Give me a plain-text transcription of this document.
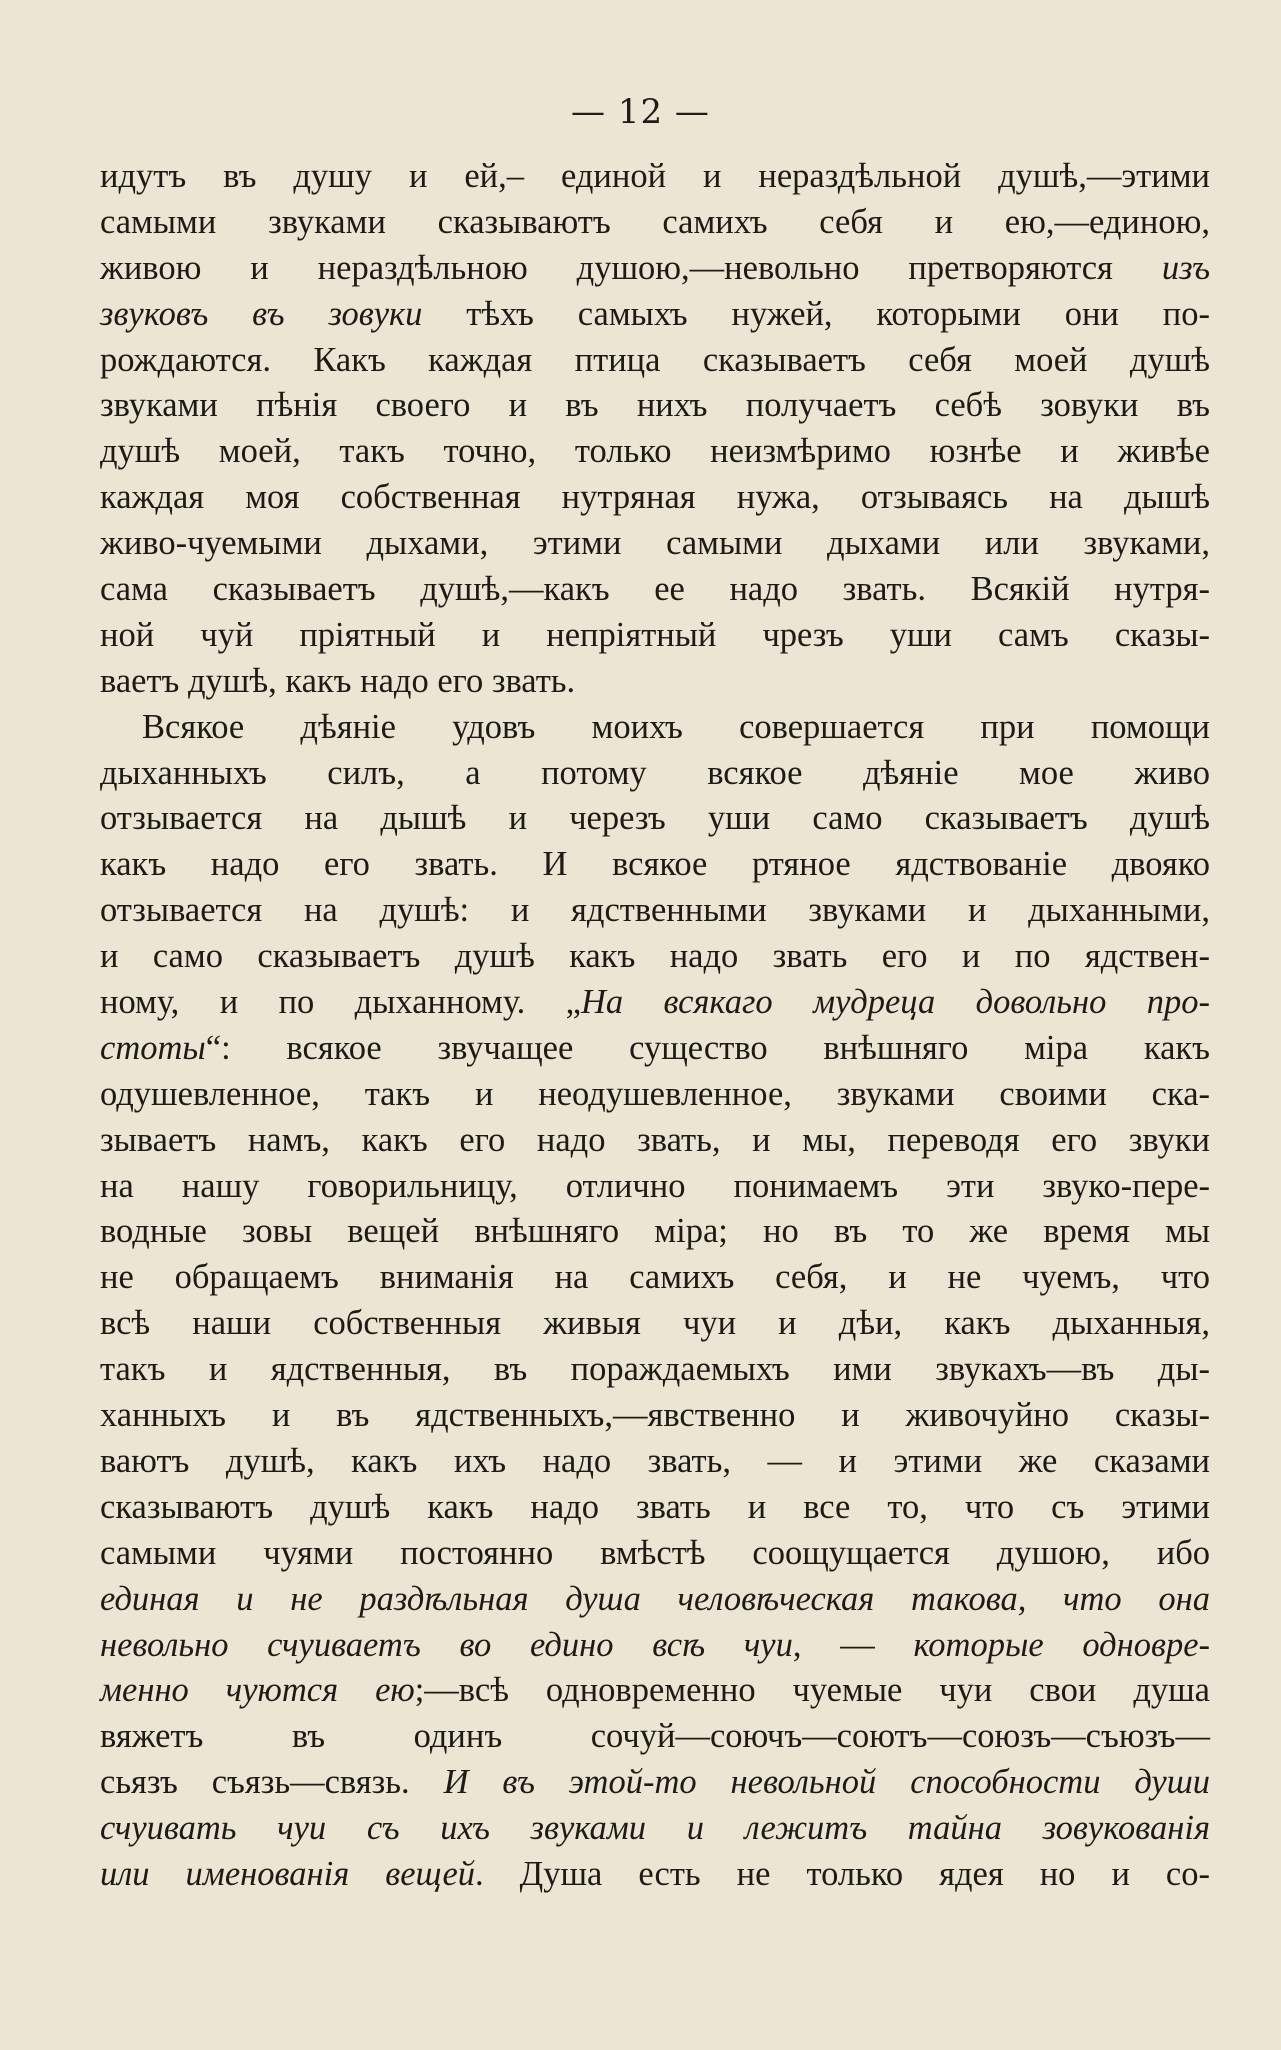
— 12 —
идутъ въ душу и ей,– единой и нераздѣльной душѣ,—этими
самыми звуками сказываютъ самихъ себя и ею,—единою,
живою и нераздѣльною душою,—невольно претворяются изъ
звуковъ въ зовуки тѣхъ самыхъ нужей, которыми они по-
рождаются. Какъ каждая птица сказываетъ себя моей душѣ
звуками пѣнія своего и въ нихъ получаетъ себѣ зовуки въ
душѣ моей, такъ точно, только неизмѣримо юзнѣе и живѣе
каждая моя собственная нутряная нужа, отзываясь на дышѣ
живо-чуемыми дыхами, этими самыми дыхами или звуками,
сама сказываетъ душѣ,—какъ ее надо звать. Всякій нутря-
ной чуй пріятный и непріятный чрезъ уши самъ сказы-
ваетъ душѣ, какъ надо его звать.
Всякое дѣяніе удовъ моихъ совершается при помощи
дыханныхъ силъ, а потому всякое дѣяніе мое живо
отзывается на дышѣ и черезъ уши само сказываетъ душѣ
какъ надо его звать. И всякое ртяное ядствованіе двояко
отзывается на душѣ: и ядственными звуками и дыханными,
и само сказываетъ душѣ какъ надо звать его и по ядствен-
ному, и по дыханному. „На всякаго мудреца довольно про-
стоты“: всякое звучащее существо внѣшняго міра какъ
одушевленное, такъ и неодушевленное, звуками своими ска-
зываетъ намъ, какъ его надо звать, и мы, переводя его звуки
на нашу говорильницу, отлично понимаемъ эти звуко-пере-
водные зовы вещей внѣшняго міра; но въ то же время мы
не обращаемъ вниманія на самихъ себя, и не чуемъ, что
всѣ наши собственныя живыя чуи и дѣи, какъ дыханныя,
такъ и ядственныя, въ пораждаемыхъ ими звукахъ—въ ды-
ханныхъ и въ ядственныхъ,—явственно и живочуйно сказы-
ваютъ душѣ, какъ ихъ надо звать, — и этими же сказами
сказываютъ душѣ какъ надо звать и все то, что съ этими
самыми чуями постоянно вмѣстѣ соощущается душою, ибо
единая и не раздѣльная душа человѣческая такова, что она
невольно счуиваетъ во едино всѣ чуи, — которые одновре-
менно чуются ею;—всѣ одновременно чуемые чуи свои душа
вяжетъ въ одинъ сочуй—соючъ—соютъ—союзъ—съюзъ—
сьязъ съязь—связь. И въ этой-то невольной способности души
счуивать чуи съ ихъ звуками и лежитъ тайна зовукованія
или именованія вещей. Душа есть не только ядея но и со-
